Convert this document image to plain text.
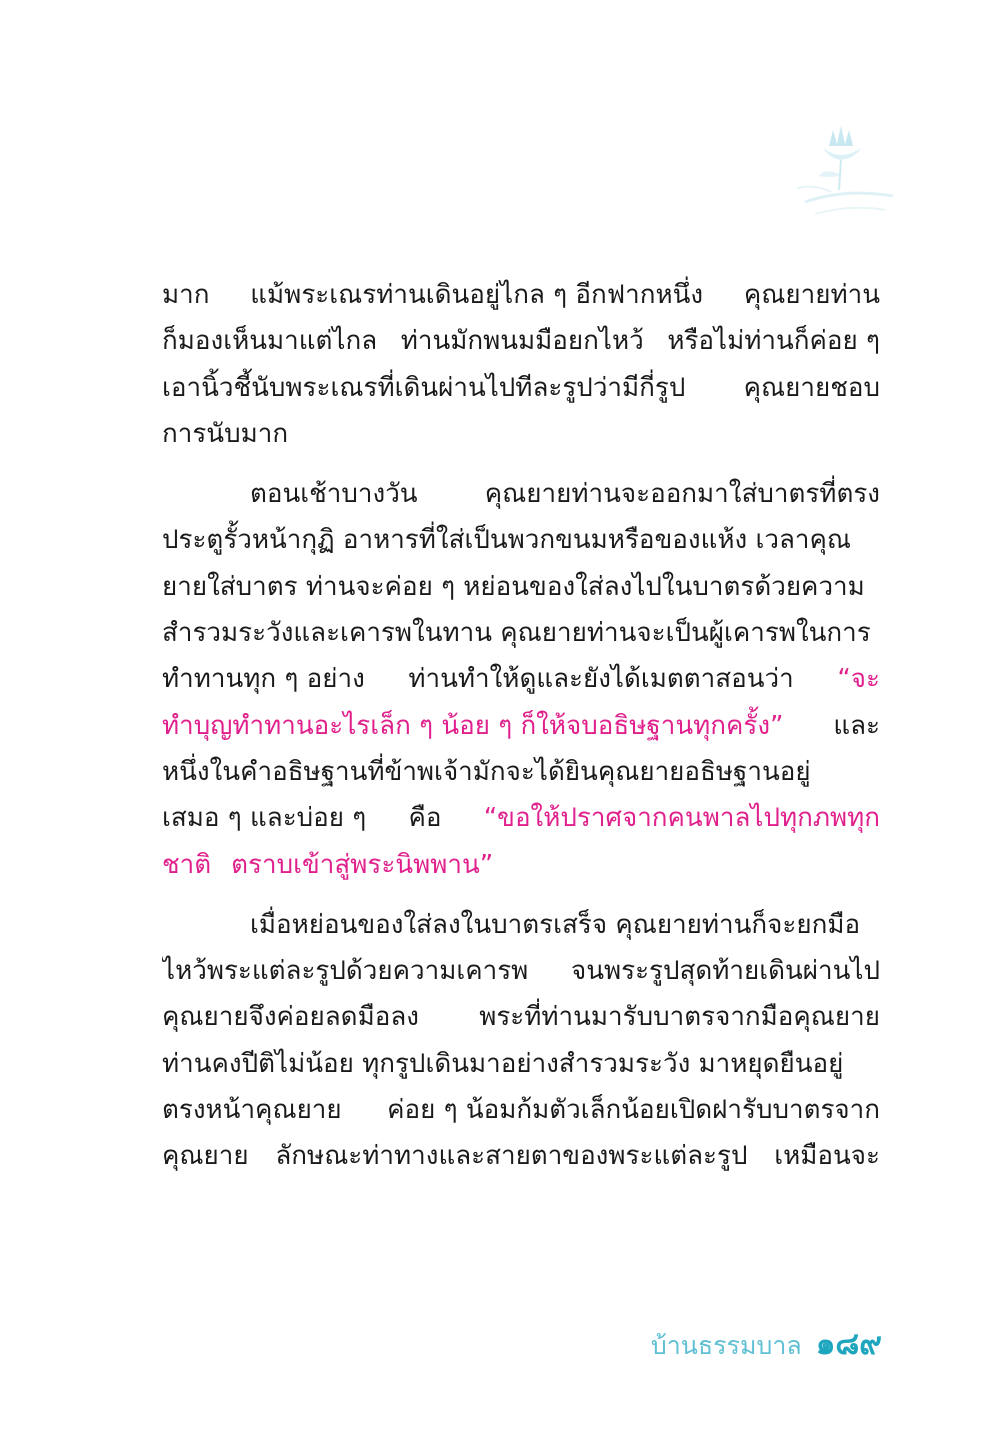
มาก แม้พระเณรท่านเดินอยู่ไกล ๆ อีกฟากหนึ่ง คุณยายท่าน
ก็มองเห็นมาแต่ไกล ท่านมักพนมมือยกไหว้ หรือไม่ท่านก็ค่อย ๆ
เอานิ้วชี้นับพระเณรที่เดินผ่านไปทีละรูปว่ามีกี่รูป คุณยายชอบ
การนับมาก
ตอนเช้าบางวัน	คุณยายท่านจะออกมาใส่บาตรที่ตรง
ประตูรั้วหน้ากุฏิ อาหารที่ใส่เป็นพวกขนมหรือของแห้ง เวลาคุณ
ยายใส่บาตร ท่านจะค่อย ๆ หย่อนของใส่ลงไปในบาตรด้วยความ
สำรวมระวังและเคารพในทาน คุณยายท่านจะเป็นผู้เคารพในการ
ทำทานทุก ๆ อย่าง ท่านทำให้ดูและยังได้เมตตาสอนว่า “จะ
ทำบุญทำทานอะไรเล็ก ๆ น้อย ๆ ก็ให้จบอธิษฐานทุกครั้ง” และ
หนึ่งในคำอธิษฐานที่ข้าพเจ้ามักจะได้ยินคุณยายอธิษฐานอยู่
เสมอ ๆ และบ่อย ๆ คือ “ขอให้ปราศจากคนพาลไปทุกภพทุก
ชาติ ตราบเข้าสู่พระนิพพาน”
เมื่อหย่อนของใส่ลงในบาตรเสร็จ คุณยายท่านก็จะยกมือ
ไหว้พระแต่ละรูปด้วยความเคารพ จนพระรูปสุดท้ายเดินผ่านไป
คุณยายจึงค่อยลดมือลง พระที่ท่านมารับบาตรจากมือคุณยาย
ท่านคงปีติไม่น้อย ทุกรูปเดินมาอย่างสำรวมระวัง มาหยุดยืนอยู่
ตรงหน้าคุณยาย ค่อย ๆ น้อมก้มตัวเล็กน้อยเปิดฝารับบาตรจาก
คุณยาย ลักษณะท่าทางและสายตาของพระแต่ละรูป เหมือนจะ
บ้านธรรมบาล ๑๘๙
